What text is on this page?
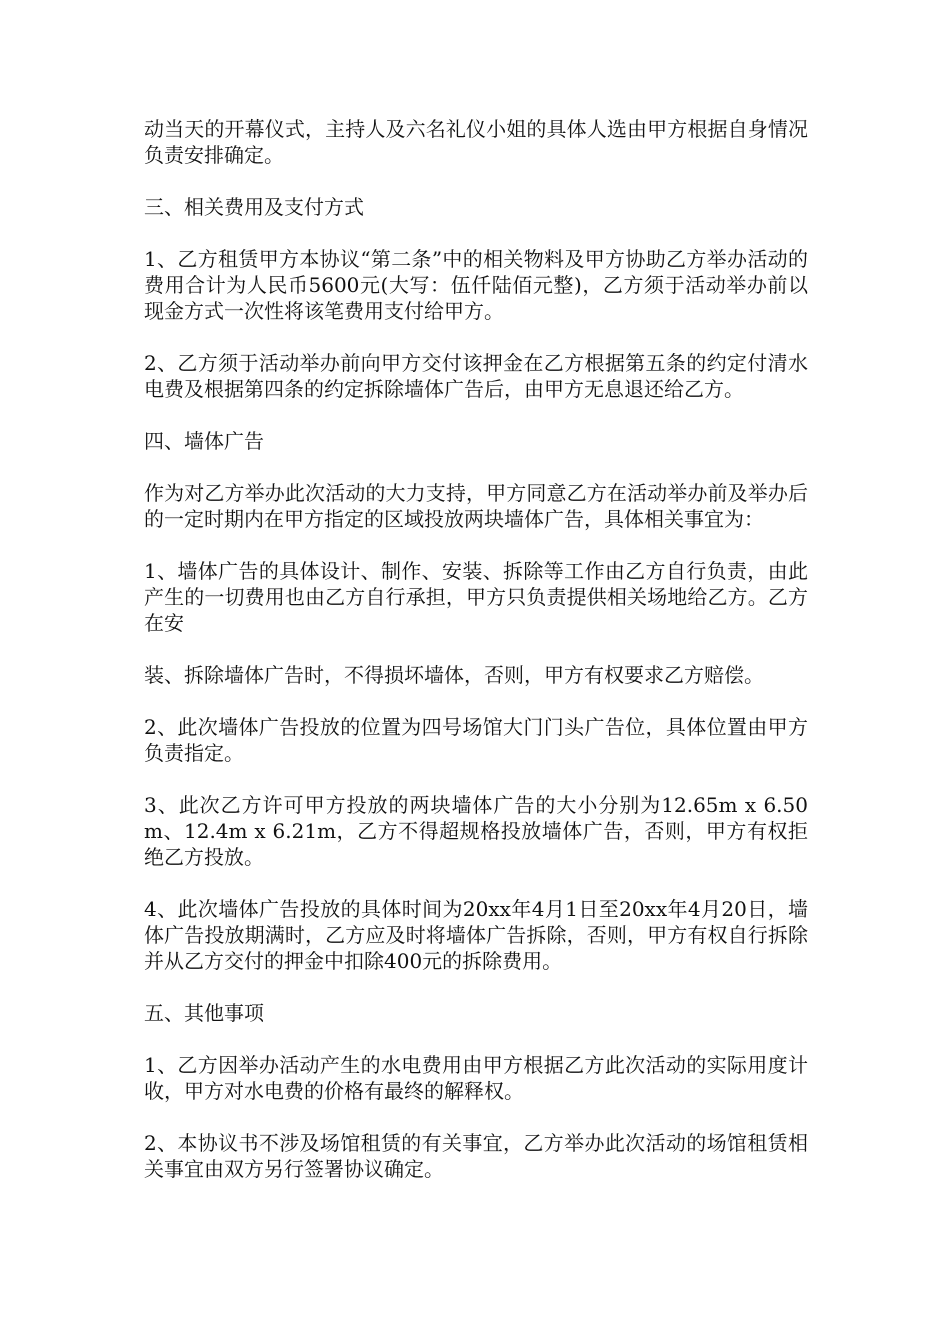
动当天的开幕仪式，主持人及六名礼仪小姐的具体人选由甲方根据自身情况负责安排确定。

三、相关费用及支付方式

1、乙方租赁甲方本协议“第二条”中的相关物料及甲方协助乙方举办活动的费用合计为人民币5600元(大写：伍仟陆佰元整)，乙方须于活动举办前以现金方式一次性将该笔费用支付给甲方。

2、乙方须于活动举办前向甲方交付该押金在乙方根据第五条的约定付清水电费及根据第四条的约定拆除墙体广告后，由甲方无息退还给乙方。

四、墙体广告

作为对乙方举办此次活动的大力支持，甲方同意乙方在活动举办前及举办后的一定时期内在甲方指定的区域投放两块墙体广告，具体相关事宜为：

1、墙体广告的具体设计、制作、安装、拆除等工作由乙方自行负责，由此产生的一切费用也由乙方自行承担，甲方只负责提供相关场地给乙方。乙方在安

装、拆除墙体广告时，不得损坏墙体，否则，甲方有权要求乙方赔偿。

2、此次墙体广告投放的位置为四号场馆大门门头广告位，具体位置由甲方负责指定。

3、此次乙方许可甲方投放的两块墙体广告的大小分别为12.65m x 6.50m、12.4m x 6.21m，乙方不得超规格投放墙体广告，否则，甲方有权拒绝乙方投放。

4、此次墙体广告投放的具体时间为20xx年4月1日至20xx年4月20日，墙体广告投放期满时，乙方应及时将墙体广告拆除，否则，甲方有权自行拆除并从乙方交付的押金中扣除400元的拆除费用。

五、其他事项

1、乙方因举办活动产生的水电费用由甲方根据乙方此次活动的实际用度计收，甲方对水电费的价格有最终的解释权。

2、本协议书不涉及场馆租赁的有关事宜，乙方举办此次活动的场馆租赁相关事宜由双方另行签署协议确定。
